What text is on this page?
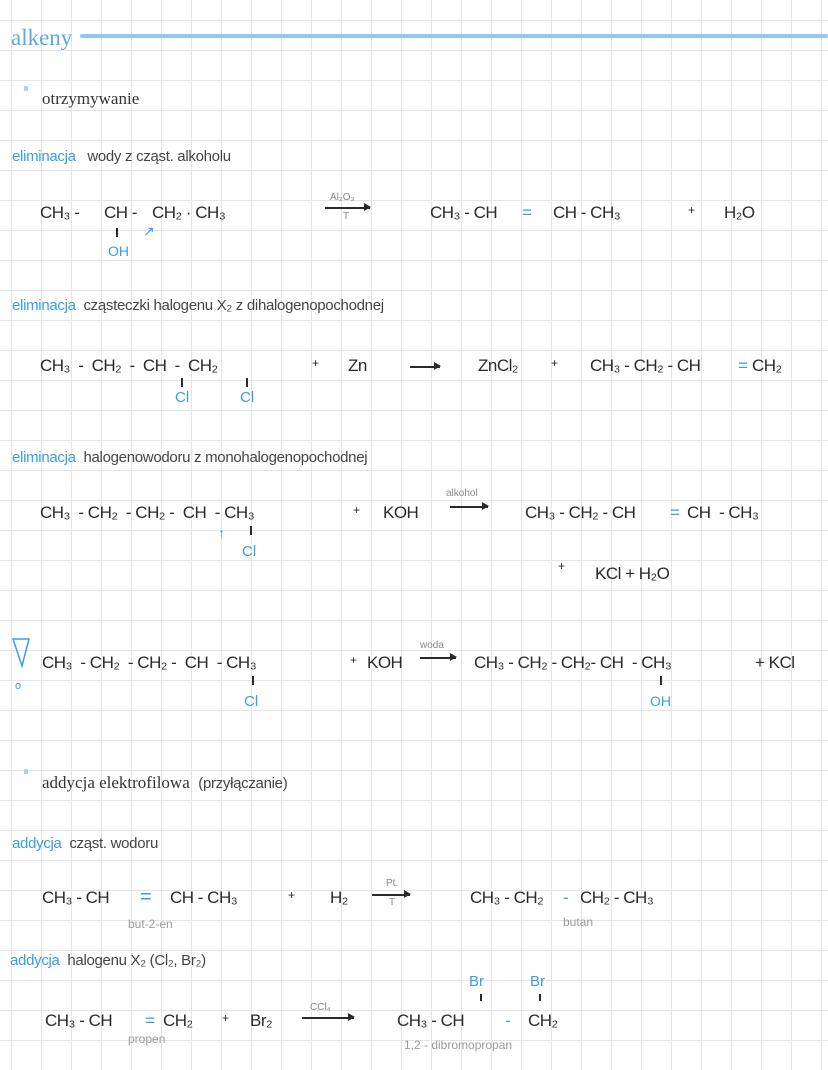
alkeny
otrzymywanie
eliminacja wody z cząst. alkoholu
CH₃ - CH - CH₂ · CH₃
OH
↗
Al₂O₃
T	CH₃ - CH = CH - CH₃	+ H₂O
eliminacja cząsteczki halogenu X₂ z dihalogenopochodnej
CH₃ - CH₂ - CH - CH₂
Cl	Cl
+ Zn	ZnCl₂	+ CH₃ - CH₂ - CH = CH₂
eliminacja halogenowodoru z monohalogenopochodnej
CH₃  - CH₂  - CH₂ -  CH  - CH₃
Cl
↑
+ KOH
alkohol
CH₃ - CH₂ - CH = CH  - CH₃
+ KCl + H₂O
o
CH₃  - CH₂  - CH₂ -  CH  - CH₃
Cl
+ KOH
woda
→ CH₃ - CH₂ - CH₂- CH  - CH₃	+ KCl
OH
addycja elektrofilowa (przyłączanie)
addycja cząst. wodoru
CH₃ - CH = CH - CH₃
but-2-en
+ H₂
Pt.
T	CH₃ - CH₂ - CH₂ - CH₃
butan
addycja halogenu X₂ (Cl₂, Br₂)
CH₃ - CH = CH₂
propen
+ Br₂
CCl₄
CH₃ - CH - CH₂
Br	Br
1,2 - dibromopropan
